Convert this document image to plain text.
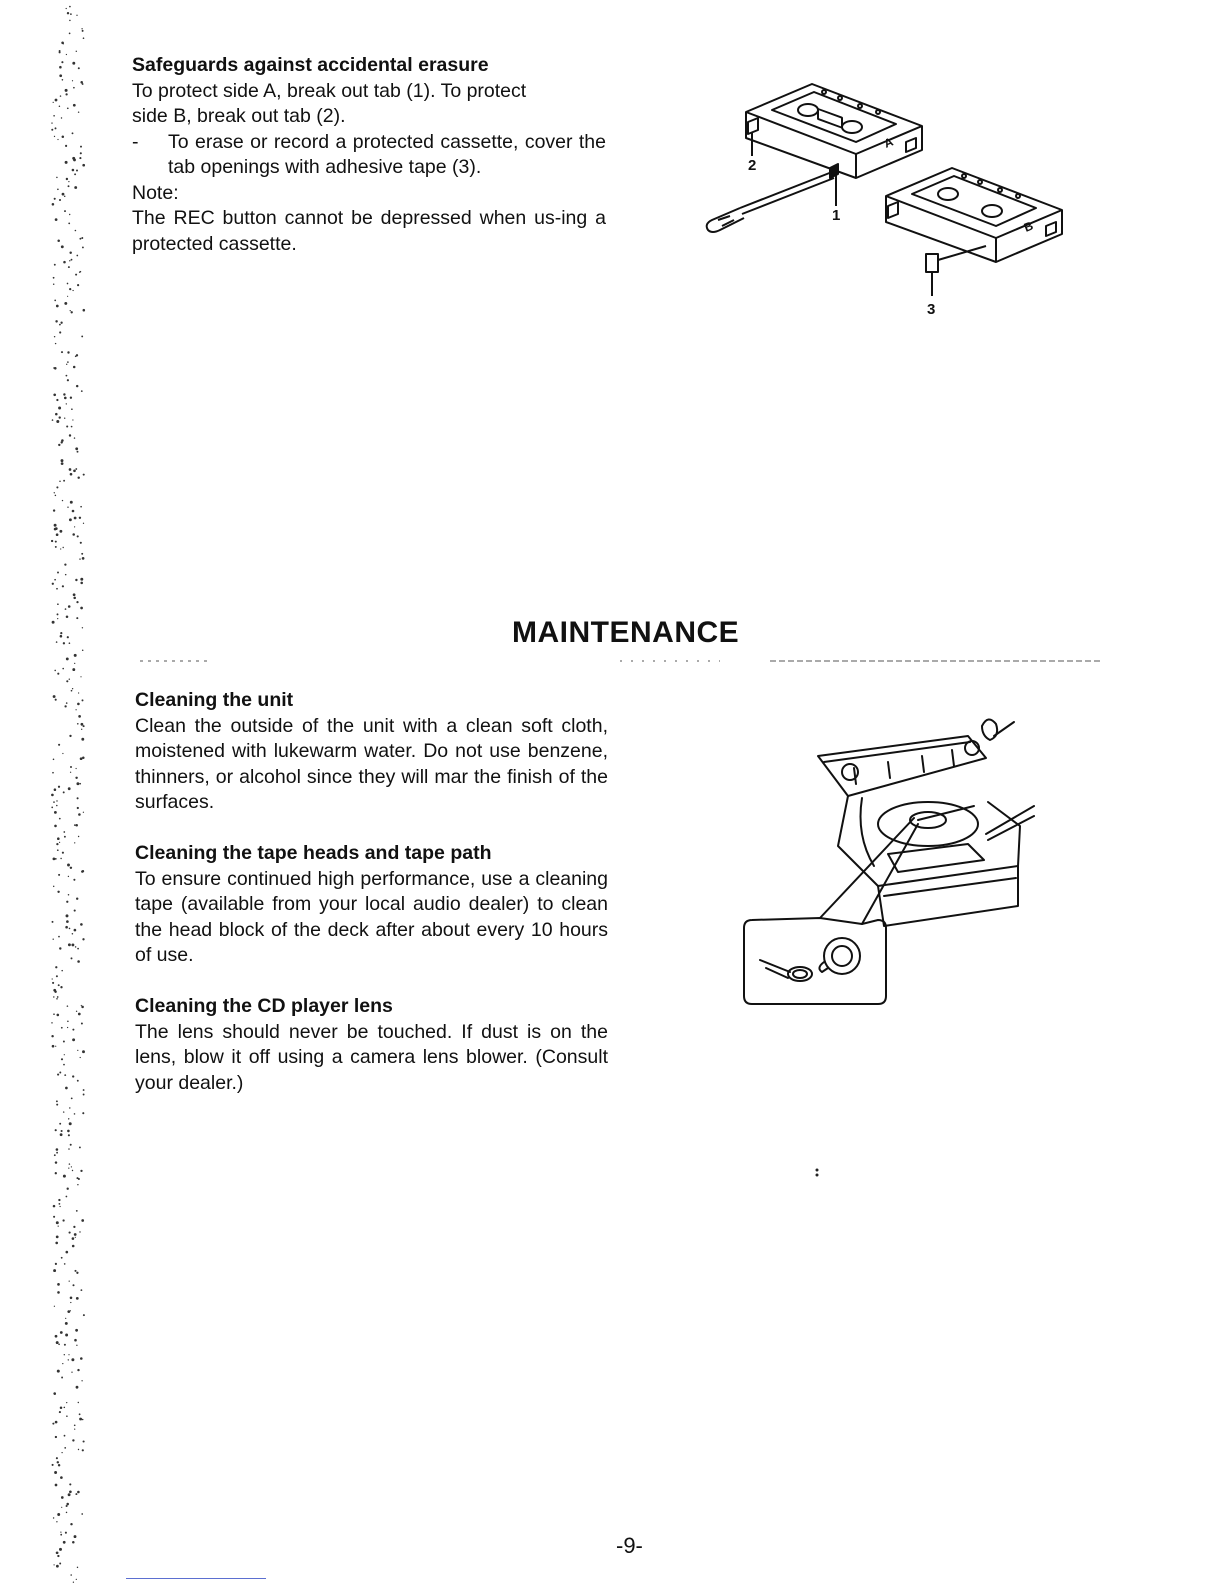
Safeguards against accidental erasure

To protect side A, break out tab (1). To protect

side B, break out tab (2).

-	To erase or record a protected cassette, cover the tab openings with adhesive tape (3).

Note:

The REC button cannot be depressed when us-ing a protected cassette.

2
1
3
A
B
MAINTENANCE

Cleaning the unit

Clean the outside of the unit with a clean soft cloth, moistened with lukewarm water. Do not use benzene, thinners, or alcohol since they will mar the finish of the surfaces.

Cleaning the tape heads and tape path

To ensure continued high performance, use a cleaning tape (available from your local audio dealer) to clean the head block of the deck after about every 10 hours of use.

Cleaning the CD player lens

The lens should never be touched. If dust is on the lens, blow it off using a camera lens blower. (Consult your dealer.)

-9-
